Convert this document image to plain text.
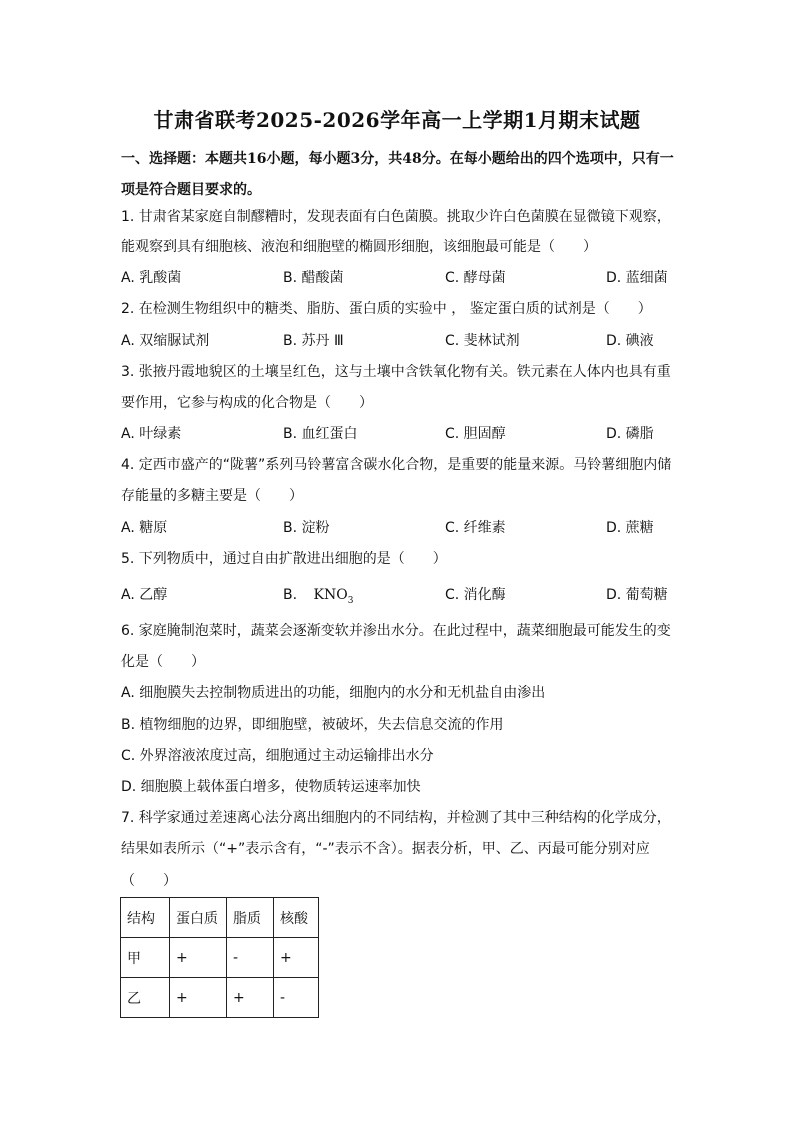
甘肃省联考2025-2026学年高一上学期1月期末试题
一、选择题：本题共16小题，每小题3分，共48分。在每小题给出的四个选项中，只有一项是符合题目要求的。
1. 甘肃省某家庭自制醪糟时，发现表面有白色菌膜。挑取少许白色菌膜在显微镜下观察，
能观察到具有细胞核、液泡和细胞壁的椭圆形细胞，该细胞最可能是（　　）
A. 乳酸菌	B. 醋酸菌	C. 酵母菌	D. 蓝细菌
2. 在检测生物组织中的糖类、脂肪、蛋白质的实验中 ， 鉴定蛋白质的试剂是（　　）
A. 双缩脲试剂	B. 苏丹 Ⅲ	C. 斐林试剂	D. 碘液
3. 张掖丹霞地貌区的土壤呈红色，这与土壤中含铁氧化物有关。铁元素在人体内也具有重
要作用，它参与构成的化合物是（　　）
A. 叶绿素	B. 血红蛋白	C. 胆固醇	D. 磷脂
4. 定西市盛产的“陇薯”系列马铃薯富含碳水化合物，是重要的能量来源。马铃薯细胞内储
存能量的多糖主要是（　　）
A. 糖原	B. 淀粉	C. 纤维素	D. 蔗糖
5. 下列物质中，通过自由扩散进出细胞的是（　　）
A. 乙醇	B. $KNO_3$	C. 消化酶	D. 葡萄糖
6. 家庭腌制泡菜时，蔬菜会逐渐变软并渗出水分。在此过程中，蔬菜细胞最可能发生的变
化是（　　）
A. 细胞膜失去控制物质进出的功能，细胞内的水分和无机盐自由渗出
B. 植物细胞的边界，即细胞壁，被破坏，失去信息交流的作用
C. 外界溶液浓度过高，细胞通过主动运输排出水分
D. 细胞膜上载体蛋白增多，使物质转运速率加快
7. 科学家通过差速离心法分离出细胞内的不同结构，并检测了其中三种结构的化学成分，
结果如表所示（“+”表示含有，“-”表示不含）。据表分析，甲、乙、丙最可能分别对应
（　　）
结构	蛋白质	脂质	核酸
甲	+	-	+
乙	+	+	-
